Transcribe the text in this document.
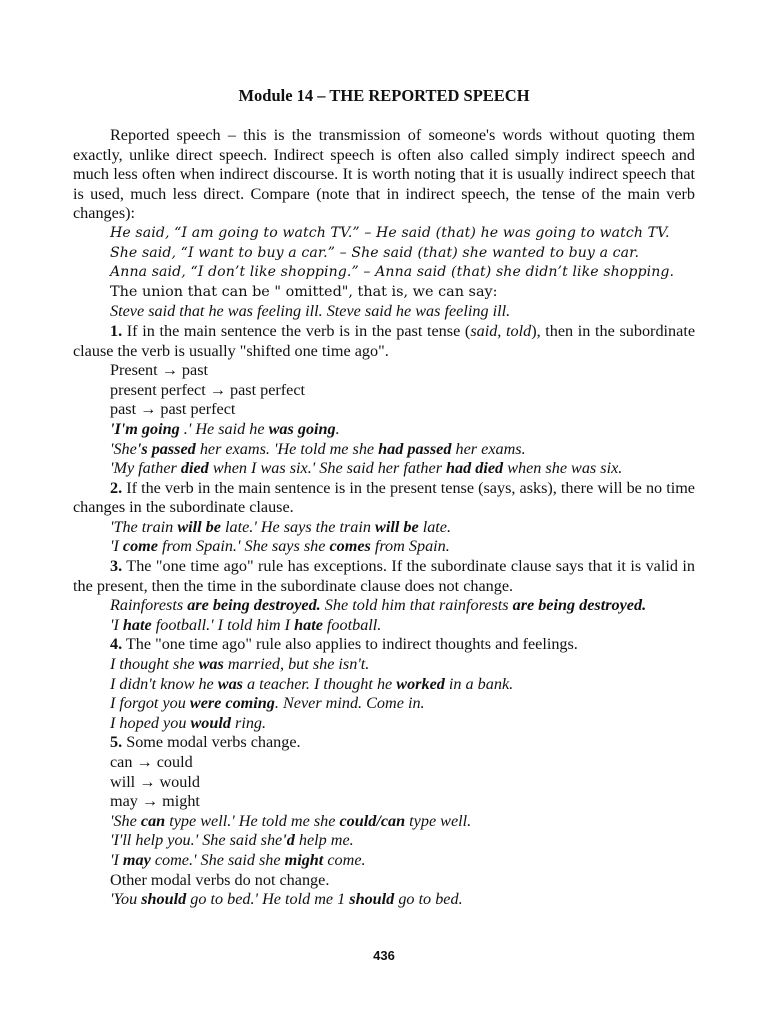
Module 14 – THE REPORTED SPEECH

Reported speech – this is the transmission of someone's words without quoting them exactly, unlike direct speech. Indirect speech is often also called simply indirect speech and much less often when indirect discourse. It is worth noting that it is usually indirect speech that is used, much less direct. Compare (note that in indirect speech, the tense of the main verb changes):

He said, “I am going to watch TV.” – He said (that) he was going to watch TV.

She said, “I want to buy a car.” – She said (that) she wanted to buy a car.

Anna said, “I don’t like shopping.” – Anna said (that) she didn’t like shopping.

The union that can be " omitted", that is, we can say:

Steve said that he was feeling ill. Steve said he was feeling ill.

1. If in the main sentence the verb is in the past tense (said, told), then in the subordinate clause the verb is usually "shifted one time ago".

Present → past

present perfect → past perfect

past → past perfect

'I'm going .' He said he was going.

'She's passed her exams. 'He told me she had passed her exams.

'My father died when I was six.' She said her father had died when she was six.

2. If the verb in the main sentence is in the present tense (says, asks), there will be no time changes in the subordinate clause.

'The train will be late.' He says the train will be late.

'I come from Spain.' She says she comes from Spain.

3. The "one time ago" rule has exceptions. If the subordinate clause says that it is valid in the present, then the time in the subordinate clause does not change.

Rainforests are being destroyed. She told him that rainforests are being destroyed.

'I hate football.' I told him I hate football.

4. The "one time ago" rule also applies to indirect thoughts and feelings.

I thought she was married, but she isn't.

I didn't know he was a teacher. I thought he worked in a bank.

I forgot you were coming. Never mind. Come in.

I hoped you would ring.

5. Some modal verbs change.

can → could

will → would

may → might

'She can type well.' He told me she could/can type well.

'I'll help you.' She said she'd help me.

'I may come.' She said she might come.

Other modal verbs do not change.

'You should go to bed.' He told me 1 should go to bed.

436
